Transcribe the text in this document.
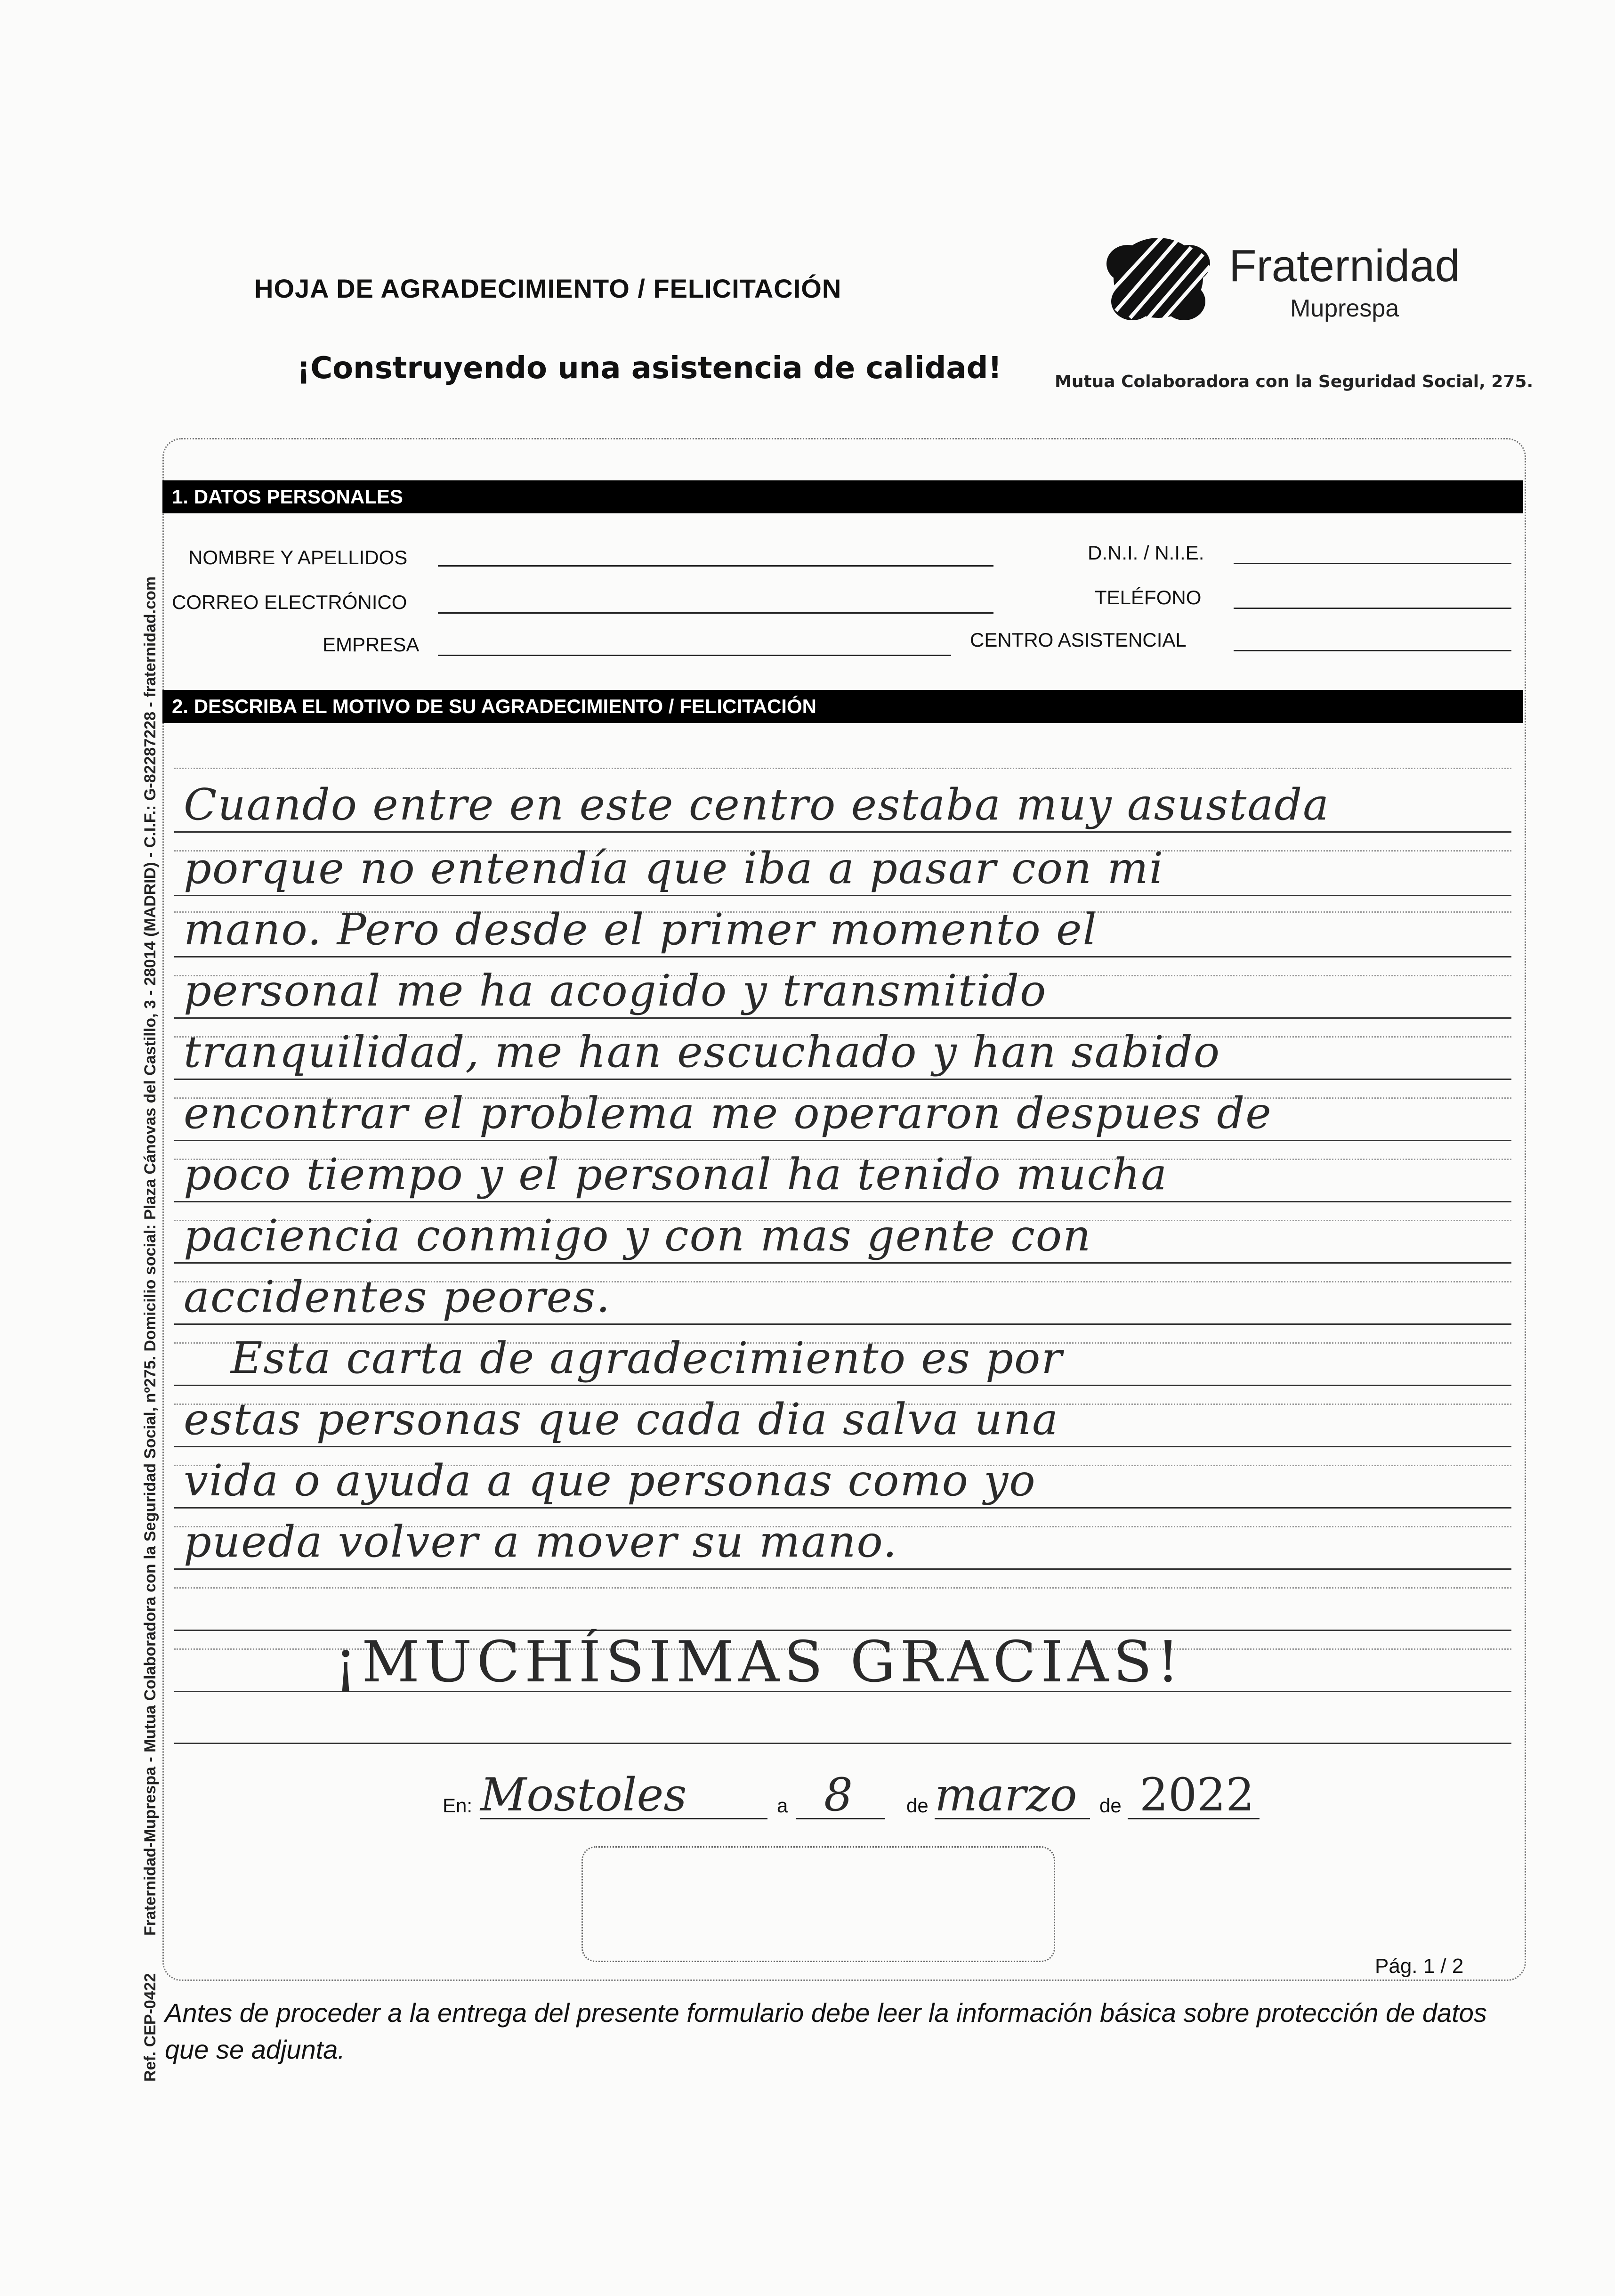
HOJA DE AGRADECIMIENTO / FELICITACIÓN
¡Construyendo una asistencia de calidad!
Fraternidad
Muprespa
Mutua Colaboradora con la Seguridad Social, 275.
1. DATOS PERSONALES
NOMBRE Y APELLIDOS	D.N.I. / N.I.E.
CORREO ELECTRÓNICO	TELÉFONO
EMPRESA	CENTRO ASISTENCIAL
2. DESCRIBA EL MOTIVO DE SU AGRADECIMIENTO / FELICITACIÓN
Cuando entre en este centro estaba muy asustada
porque no entendía que iba a pasar con mi
mano. Pero desde el primer momento el
personal me ha acogido y transmitido
tranquilidad, me han escuchado y han sabido
encontrar el problema me operaron despues de
poco tiempo y el personal ha tenido mucha
paciencia conmigo y con mas gente con
accidentes peores.
Esta carta de agradecimiento es por
estas personas que cada dia salva una
vida o ayuda a que personas como yo
pueda volver a mover su mano.
¡MUCHÍSIMAS GRACIAS!
En: Mostoles	a 8	de marzo de 2022
Pág. 1 / 2
Antes de proceder a la entrega del presente formulario debe leer la información básica sobre protección de datos que se adjunta.
Fraternidad-Muprespa - Mutua Colaboradora con la Seguridad Social, nº275. Domicilio social: Plaza Cánovas del Castillo, 3 - 28014 (MADRID) - C.I.F.: G-82287228 - fraternidad.com
Ref. CEP-0422
